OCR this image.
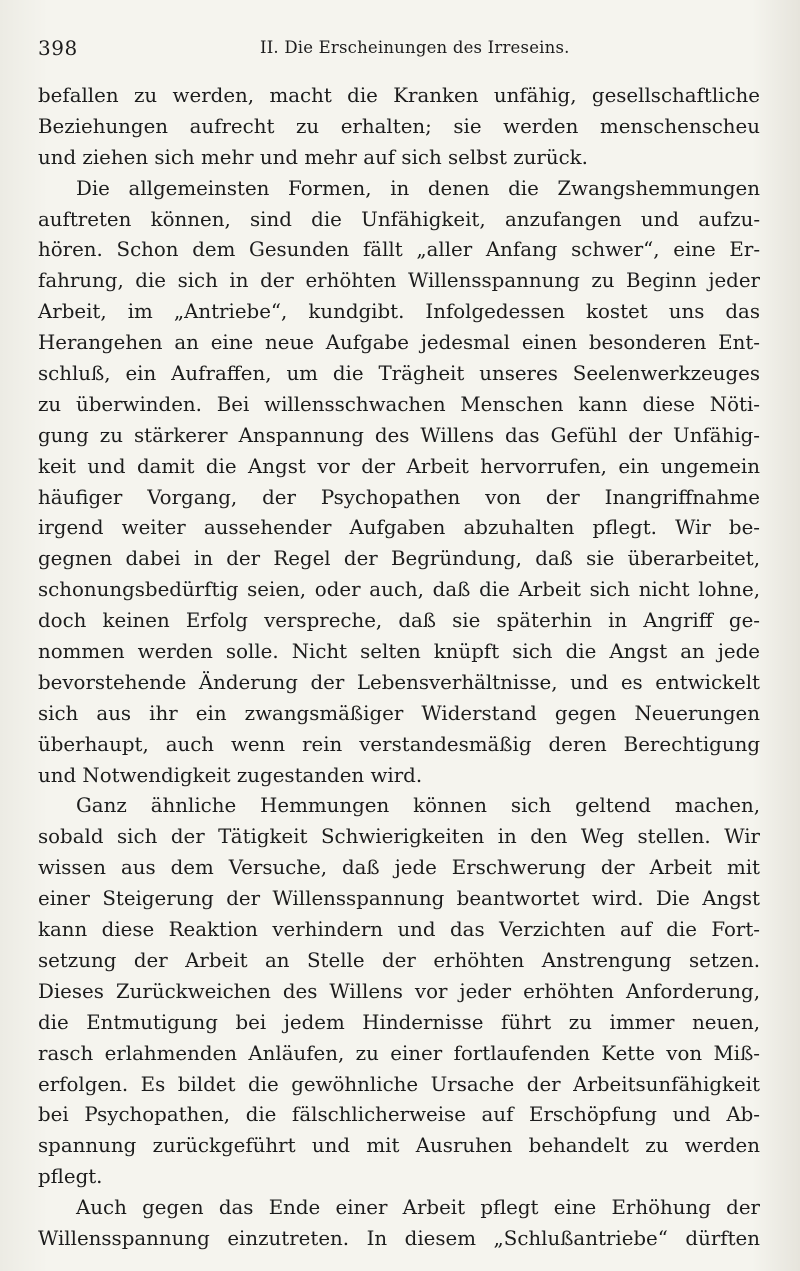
398	II. Die Erscheinungen des Irreseins.
befallen zu werden, macht die Kranken unfähig, gesellschaftliche
Beziehungen aufrecht zu erhalten; sie werden menschenscheu
und ziehen sich mehr und mehr auf sich selbst zurück.
Die allgemeinsten Formen, in denen die Zwangshemmungen
auftreten können, sind die Unfähigkeit, anzufangen und aufzu-
hören. Schon dem Gesunden fällt „aller Anfang schwer“, eine Er-
fahrung, die sich in der erhöhten Willensspannung zu Beginn jeder
Arbeit, im „Antriebe“, kundgibt. Infolgedessen kostet uns das
Herangehen an eine neue Aufgabe jedesmal einen besonderen Ent-
schluß, ein Aufraffen, um die Trägheit unseres Seelenwerkzeuges
zu überwinden. Bei willensschwachen Menschen kann diese Nöti-
gung zu stärkerer Anspannung des Willens das Gefühl der Unfähig-
keit und damit die Angst vor der Arbeit hervorrufen, ein ungemein
häufiger Vorgang, der Psychopathen von der Inangriffnahme
irgend weiter aussehender Aufgaben abzuhalten pflegt. Wir be-
gegnen dabei in der Regel der Begründung, daß sie überarbeitet,
schonungsbedürftig seien, oder auch, daß die Arbeit sich nicht lohne,
doch keinen Erfolg verspreche, daß sie späterhin in Angriff ge-
nommen werden solle. Nicht selten knüpft sich die Angst an jede
bevorstehende Änderung der Lebensverhältnisse, und es entwickelt
sich aus ihr ein zwangsmäßiger Widerstand gegen Neuerungen
überhaupt, auch wenn rein verstandesmäßig deren Berechtigung
und Notwendigkeit zugestanden wird.
Ganz ähnliche Hemmungen können sich geltend machen,
sobald sich der Tätigkeit Schwierigkeiten in den Weg stellen. Wir
wissen aus dem Versuche, daß jede Erschwerung der Arbeit mit
einer Steigerung der Willensspannung beantwortet wird. Die Angst
kann diese Reaktion verhindern und das Verzichten auf die Fort-
setzung der Arbeit an Stelle der erhöhten Anstrengung setzen.
Dieses Zurückweichen des Willens vor jeder erhöhten Anforderung,
die Entmutigung bei jedem Hindernisse führt zu immer neuen,
rasch erlahmenden Anläufen, zu einer fortlaufenden Kette von Miß-
erfolgen. Es bildet die gewöhnliche Ursache der Arbeitsunfähigkeit
bei Psychopathen, die fälschlicherweise auf Erschöpfung und Ab-
spannung zurückgeführt und mit Ausruhen behandelt zu werden
pflegt.
Auch gegen das Ende einer Arbeit pflegt eine Erhöhung der
Willensspannung einzutreten. In diesem „Schlußantriebe“ dürften
